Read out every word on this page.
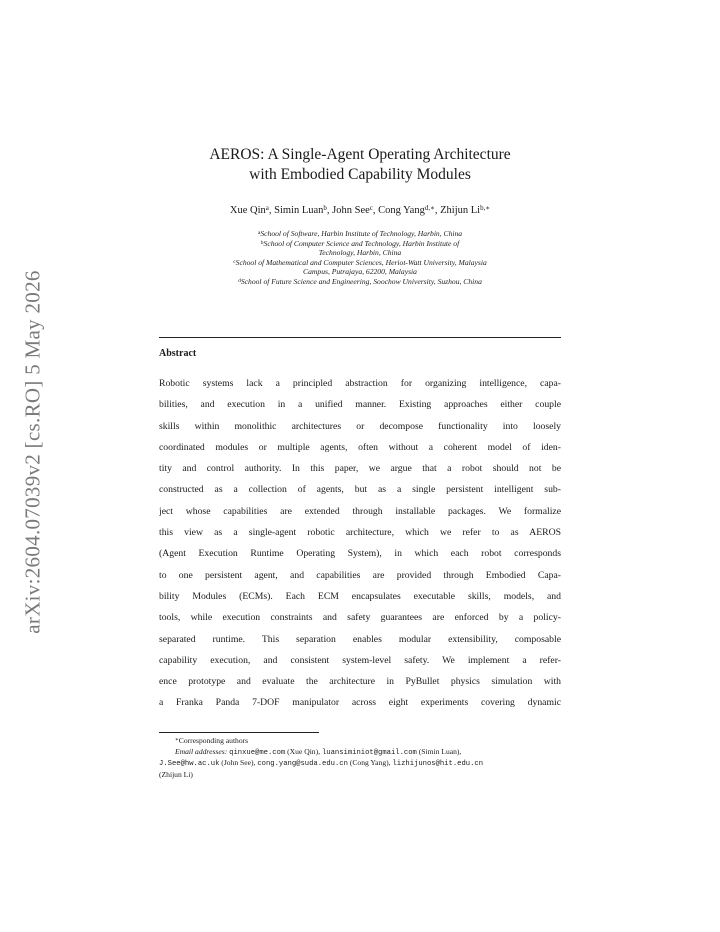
arXiv:2604.07039v2 [cs.RO] 5 May 2026
AEROS: A Single-Agent Operating Architecture
with Embodied Capability Modules
Xue Qin$^a$, Simin Luan$^b$, John See$^c$, Cong Yang$^{d,∗}$, Zhijun $Li^{b,∗}$
$^a$School of Software, Harbin Institute of Technology, Harbin, China
$^b$School of Computer Science and Technology, Harbin Institute of
Technology, Harbin, China
$^c$School of Mathematical and Computer Sciences, Heriot-Watt University, Malaysia
Campus, Putrajaya, 62200, Malaysia
$^d$School of Future Science and Engineering, Soochow University, Suzhou, China
Abstract
Robotic systems lack a principled abstraction for organizing intelligence, capa-
bilities, and execution in a unified manner. Existing approaches either couple
skills within monolithic architectures or decompose functionality into loosely
coordinated modules or multiple agents, often without a coherent model of iden-
tity and control authority. In this paper, we argue that a robot should not be
constructed as a collection of agents, but as a single persistent intelligent sub-
ject whose capabilities are extended through installable packages. We formalize
this view as a single-agent robotic architecture, which we refer to as AEROS
(Agent Execution Runtime Operating System), in which each robot corresponds
to one persistent agent, and capabilities are provided through Embodied Capa-
bility Modules (ECMs). Each ECM encapsulates executable skills, models, and
tools, while execution constraints and safety guarantees are enforced by a policy-
separated runtime. This separation enables modular extensibility, composable
capability execution, and consistent system-level safety. We implement a refer-
ence prototype and evaluate the architecture in PyBullet physics simulation with
a Franka Panda 7-DOF manipulator across eight experiments covering dynamic
∗Corresponding authors
Email addresses: qinxue@me.com (Xue Qin), luansiminiot@gmail.com (Simin Luan),
J.See@hw.ac.uk (John See), cong.yang@suda.edu.cn (Cong Yang), lizhijunos@hit.edu.cn
(Zhijun Li)
